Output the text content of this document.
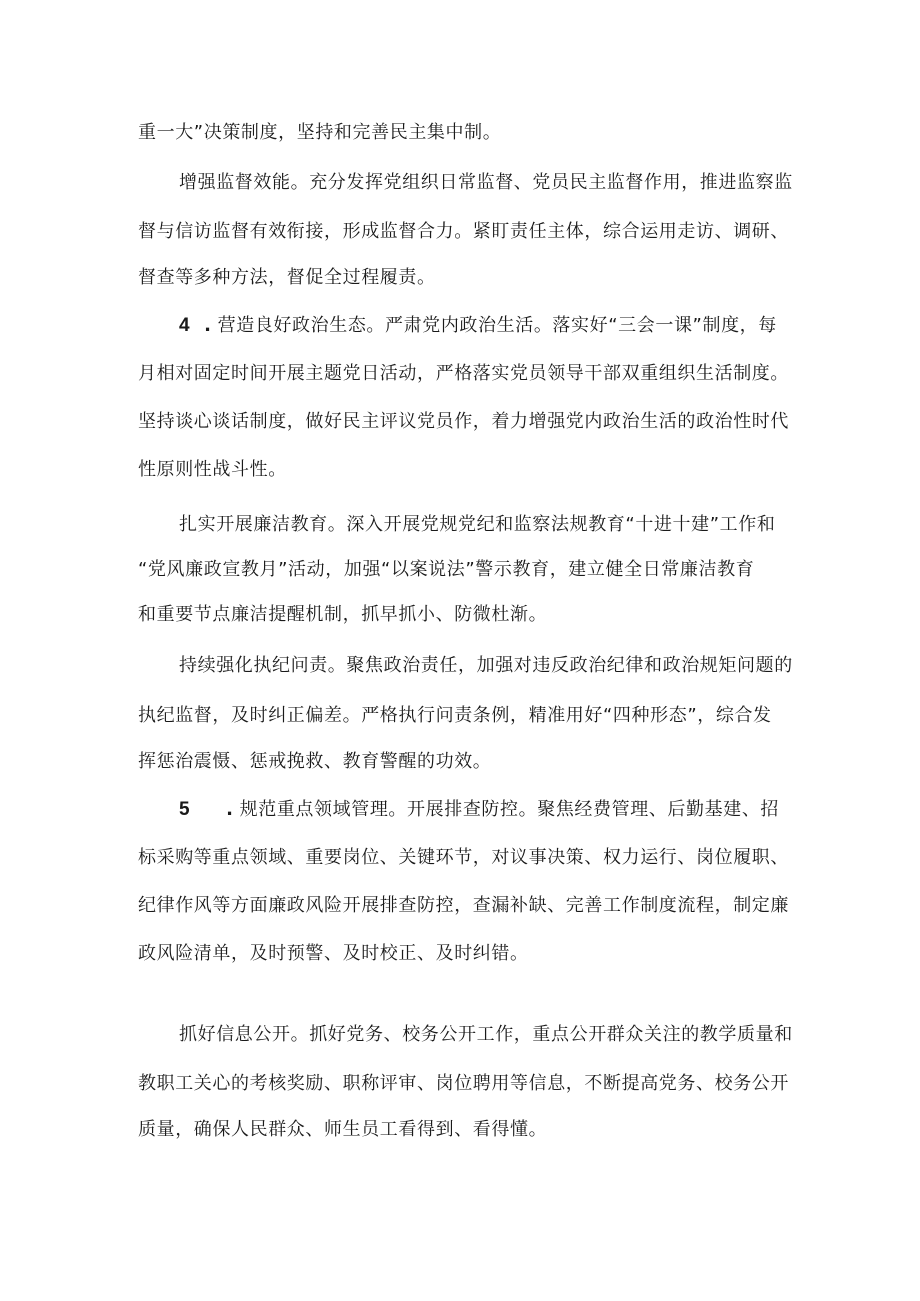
重一大”决策制度，坚持和完善民主集中制。
增强监督效能。充分发挥党组织日常监督、党员民主监督作用，推进监察监
督与信访监督有效衔接，形成监督合力。紧盯责任主体，综合运用走访、调研、
督查等多种方法，督促全过程履责。
4 . 营造良好政治生态。严肃党内政治生活。落实好“三会一课”制度，每
月相对固定时间开展主题党日活动，严格落实党员领导干部双重组织生活制度。
坚持谈心谈话制度，做好民主评议党员作，着力增强党内政治生活的政治性时代
性原则性战斗性。
扎实开展廉洁教育。深入开展党规党纪和监察法规教育“十进十建”工作和
“党风廉政宣教月”活动，加强“以案说法”警示教育，建立健全日常廉洁教育
和重要节点廉洁提醒机制，抓早抓小、防微杜渐。
持续强化执纪问责。聚焦政治责任，加强对违反政治纪律和政治规矩问题的
执纪监督，及时纠正偏差。严格执行问责条例，精准用好“四种形态”，综合发
挥惩治震慑、惩戒挽救、教育警醒的功效。
5 . 规范重点领域管理。开展排查防控。聚焦经费管理、后勤基建、招
标采购等重点领域、重要岗位、关键环节，对议事决策、权力运行、岗位履职、
纪律作风等方面廉政风险开展排查防控，查漏补缺、完善工作制度流程，制定廉
政风险清单，及时预警、及时校正、及时纠错。
抓好信息公开。抓好党务、校务公开工作，重点公开群众关注的教学质量和
教职工关心的考核奖励、职称评审、岗位聘用等信息，不断提高党务、校务公开
质量，确保人民群众、师生员工看得到、看得懂。
